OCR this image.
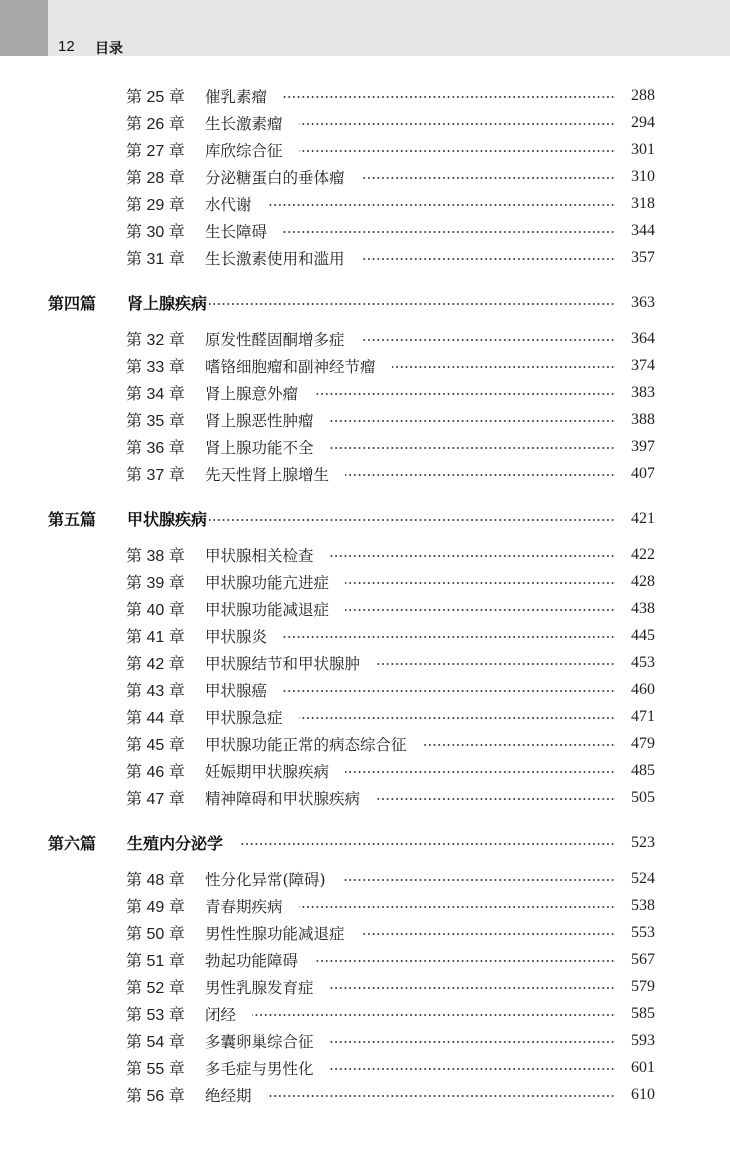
12 目录
第 25 章	催乳素瘤	288
第 26 章	生长激素瘤	294
第 27 章	库欣综合征	301
第 28 章	分泌糖蛋白的垂体瘤	310
第 29 章	水代谢	318
第 30 章	生长障碍	344
第 31 章	生长激素使用和滥用	357
第四篇	肾上腺疾病	363
第 32 章	原发性醛固酮增多症	364
第 33 章	嗜铬细胞瘤和副神经节瘤	374
第 34 章	肾上腺意外瘤	383
第 35 章	肾上腺恶性肿瘤	388
第 36 章	肾上腺功能不全	397
第 37 章	先天性肾上腺增生	407
第五篇	甲状腺疾病	421
第 38 章	甲状腺相关检查	422
第 39 章	甲状腺功能亢进症	428
第 40 章	甲状腺功能减退症	438
第 41 章	甲状腺炎	445
第 42 章	甲状腺结节和甲状腺肿	453
第 43 章	甲状腺癌	460
第 44 章	甲状腺急症	471
第 45 章	甲状腺功能正常的病态综合征	479
第 46 章	妊娠期甲状腺疾病	485
第 47 章	精神障碍和甲状腺疾病	505
第六篇	生殖内分泌学	523
第 48 章	性分化异常(障碍)	524
第 49 章	青春期疾病	538
第 50 章	男性性腺功能减退症	553
第 51 章	勃起功能障碍	567
第 52 章	男性乳腺发育症	579
第 53 章	闭经	585
第 54 章	多囊卵巢综合征	593
第 55 章	多毛症与男性化	601
第 56 章	绝经期	610
